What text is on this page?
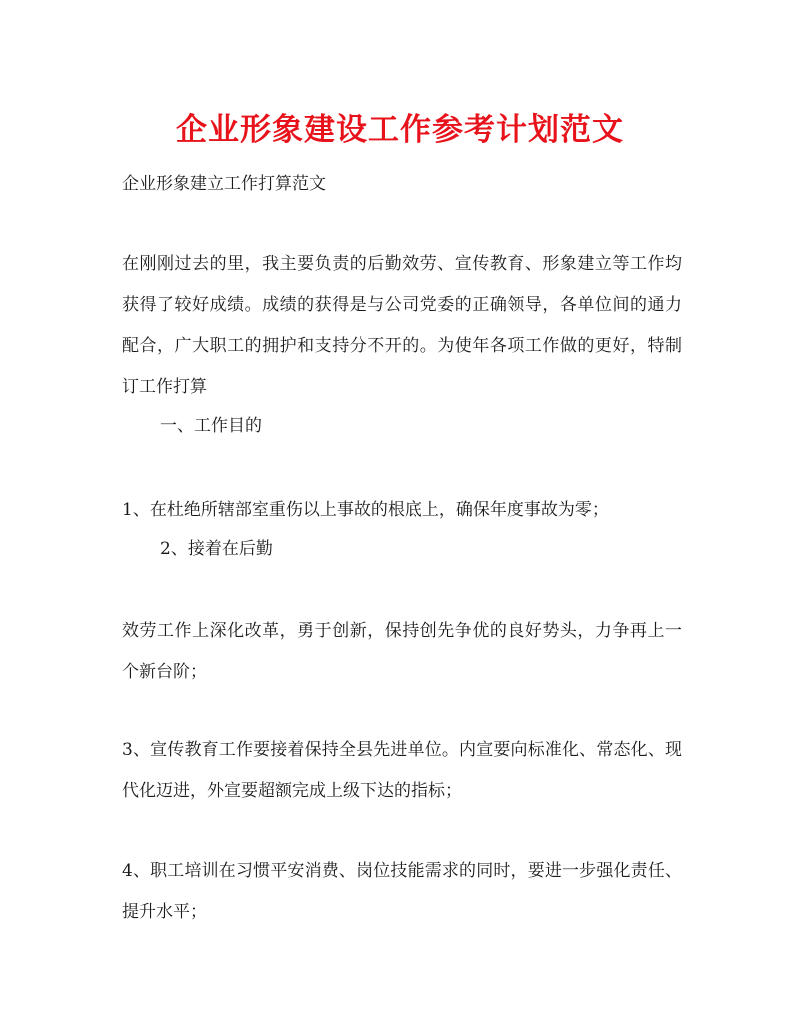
企业形象建设工作参考计划范文
企业形象建立工作打算范文
在刚刚过去的里，我主要负责的后勤效劳、宣传教育、形象建立等工作均获得了较好成绩。成绩的获得是与公司党委的正确领导，各单位间的通力配合，广大职工的拥护和支持分不开的。为使年各项工作做的更好，特制订工作打算
一、工作目的
1、在杜绝所辖部室重伤以上事故的根底上，确保年度事故为零；
2、接着在后勤
效劳工作上深化改革，勇于创新，保持创先争优的良好势头，力争再上一个新台阶；
3、宣传教育工作要接着保持全县先进单位。内宣要向标准化、常态化、现代化迈进，外宣要超额完成上级下达的指标；
4、职工培训在习惯平安消费、岗位技能需求的同时，要进一步强化责任、提升水平；
